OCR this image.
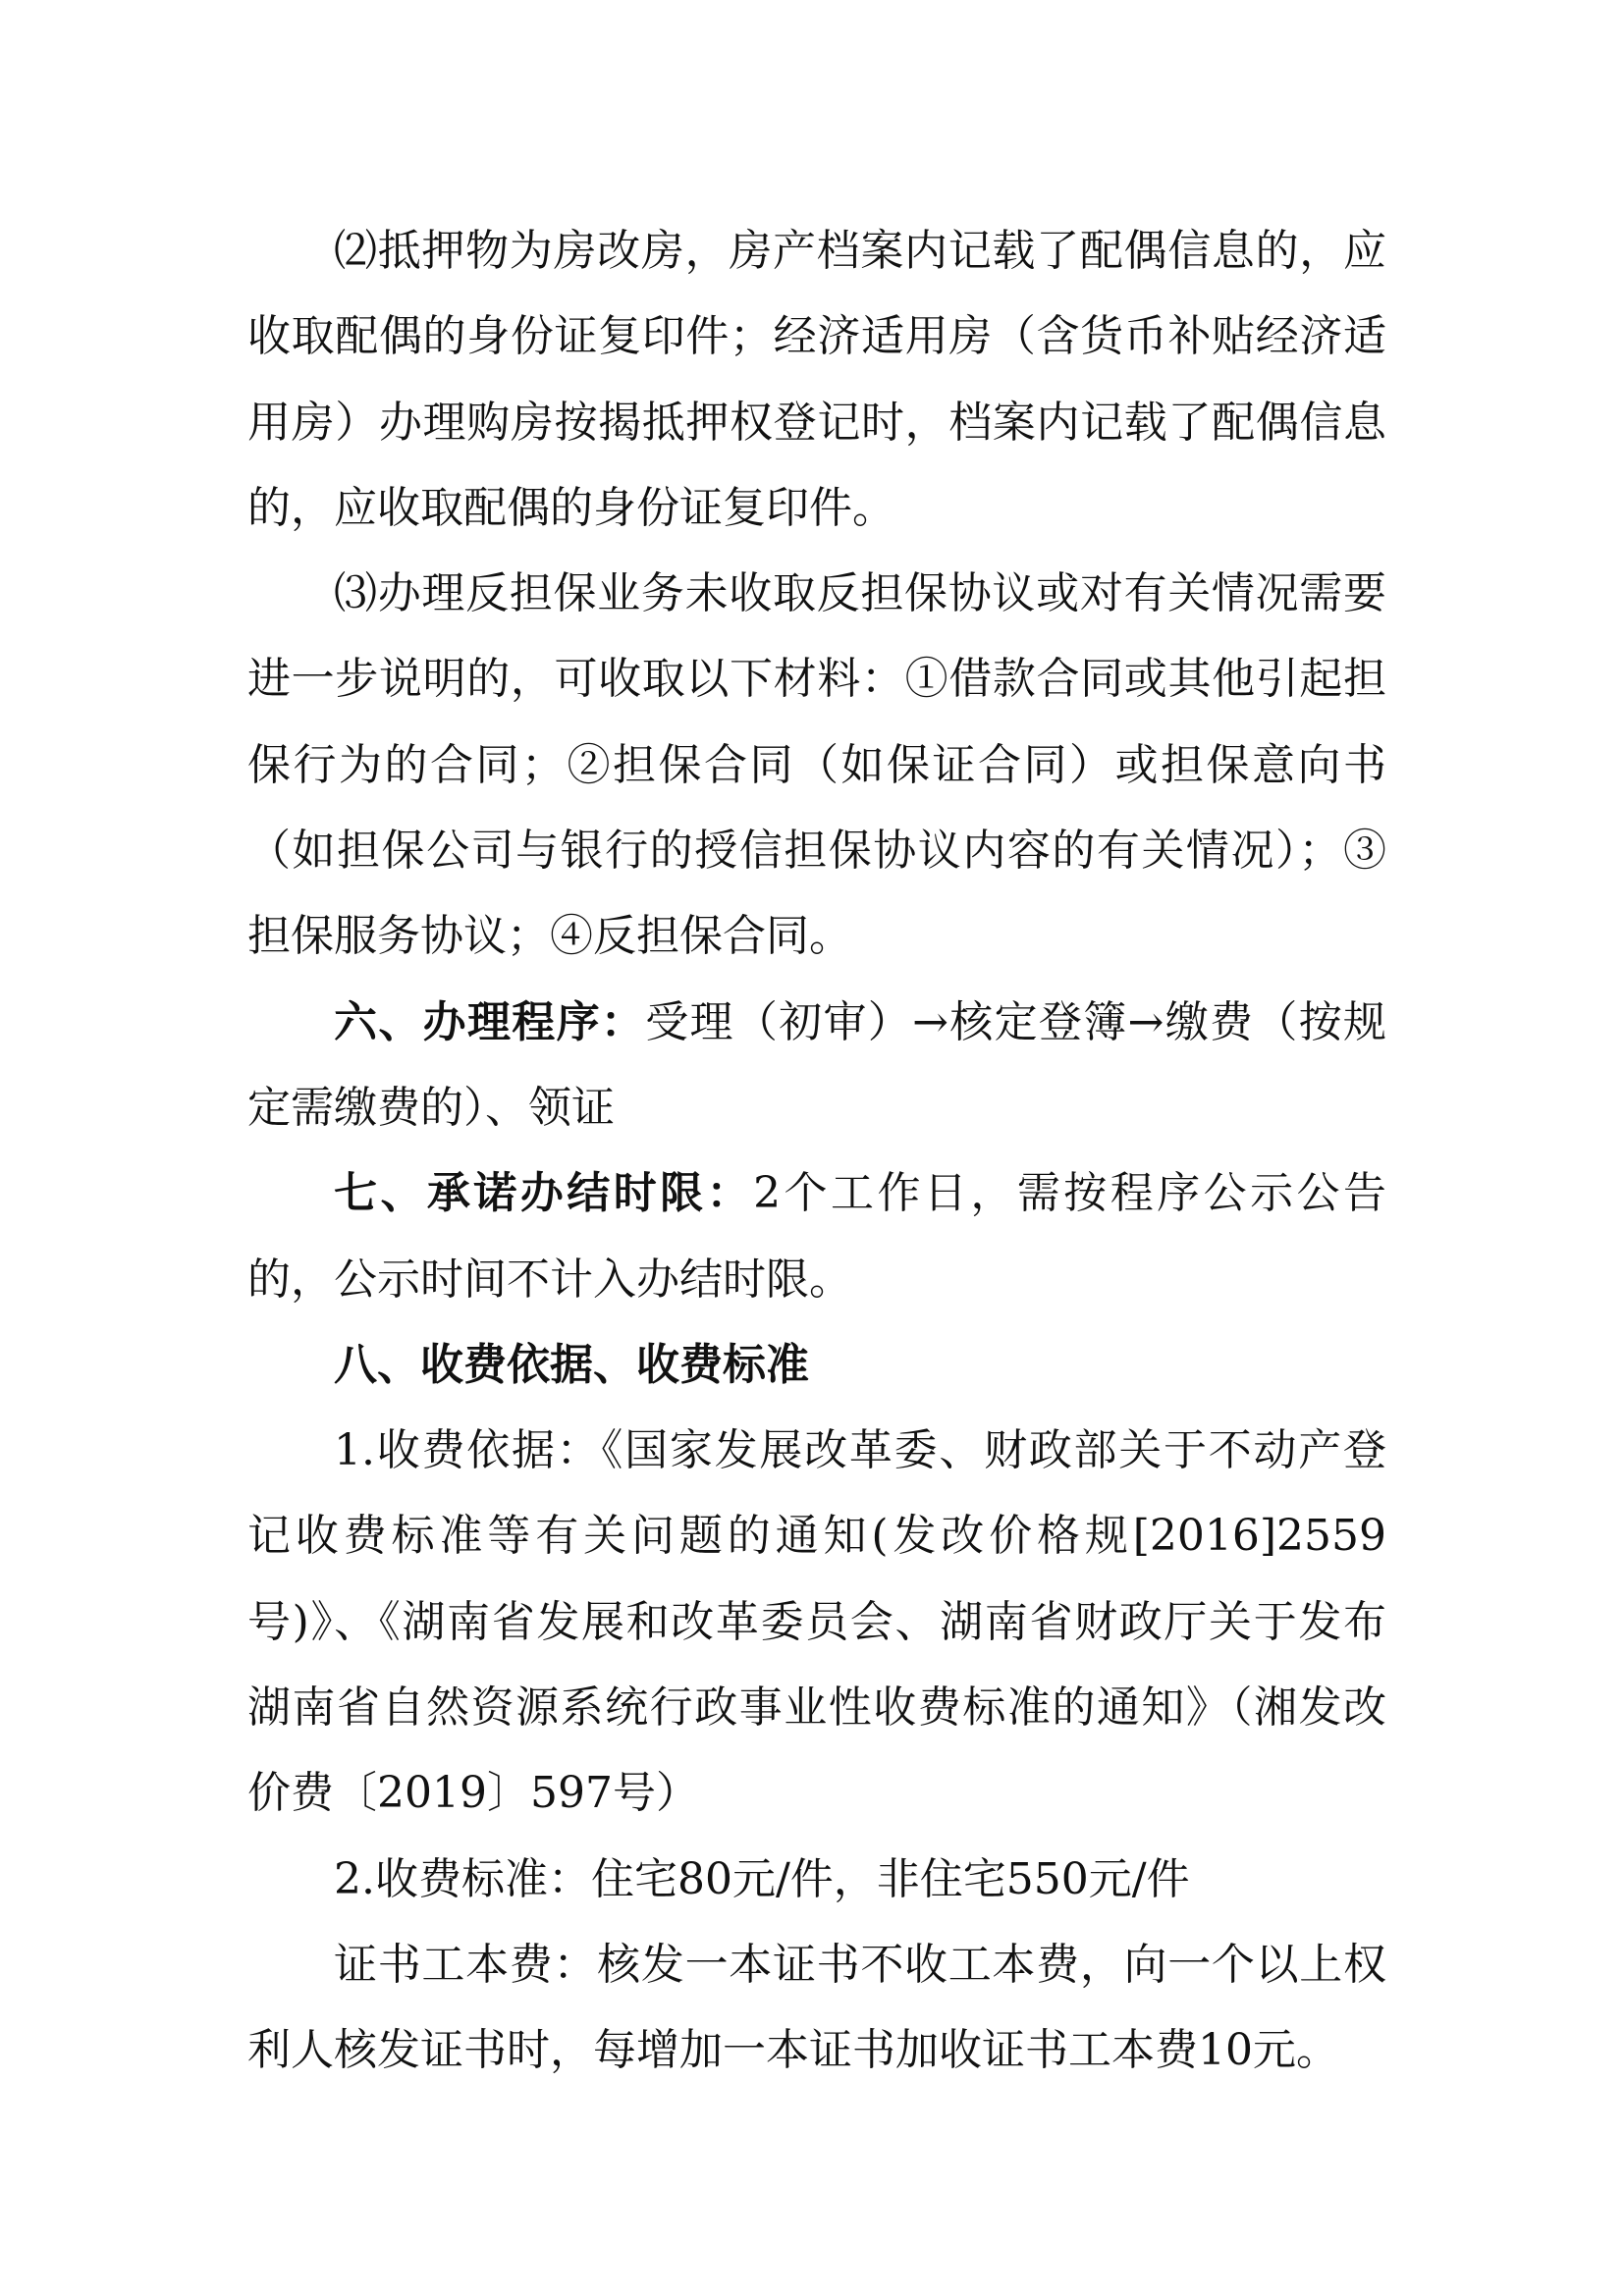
⑵抵押物为房改房，房产档案内记载了配偶信息的，应收取配偶的身份证复印件；经济适用房（含货币补贴经济适用房）办理购房按揭抵押权登记时，档案内记载了配偶信息的，应收取配偶的身份证复印件。

⑶办理反担保业务未收取反担保协议或对有关情况需要进一步说明的，可收取以下材料：①借款合同或其他引起担保行为的合同；②担保合同（如保证合同）或担保意向书（如担保公司与银行的授信担保协议内容的有关情况）；③担保服务协议；④反担保合同。

六、办理程序：受理（初审）→核定登簿→缴费（按规定需缴费的）、领证

七、承诺办结时限：2个工作日，需按程序公示公告的，公示时间不计入办结时限。

八、收费依据、收费标准

1.收费依据：《国家发展改革委、财政部关于不动产登记收费标准等有关问题的通知(发改价格规[2016]2559号)》、《湖南省发展和改革委员会、湖南省财政厅关于发布湖南省自然资源系统行政事业性收费标准的通知》（湘发改价费〔2019〕597号）

2.收费标准：住宅80元/件，非住宅550元/件

证书工本费：核发一本证书不收工本费，向一个以上权利人核发证书时，每增加一本证书加收证书工本费10元。
